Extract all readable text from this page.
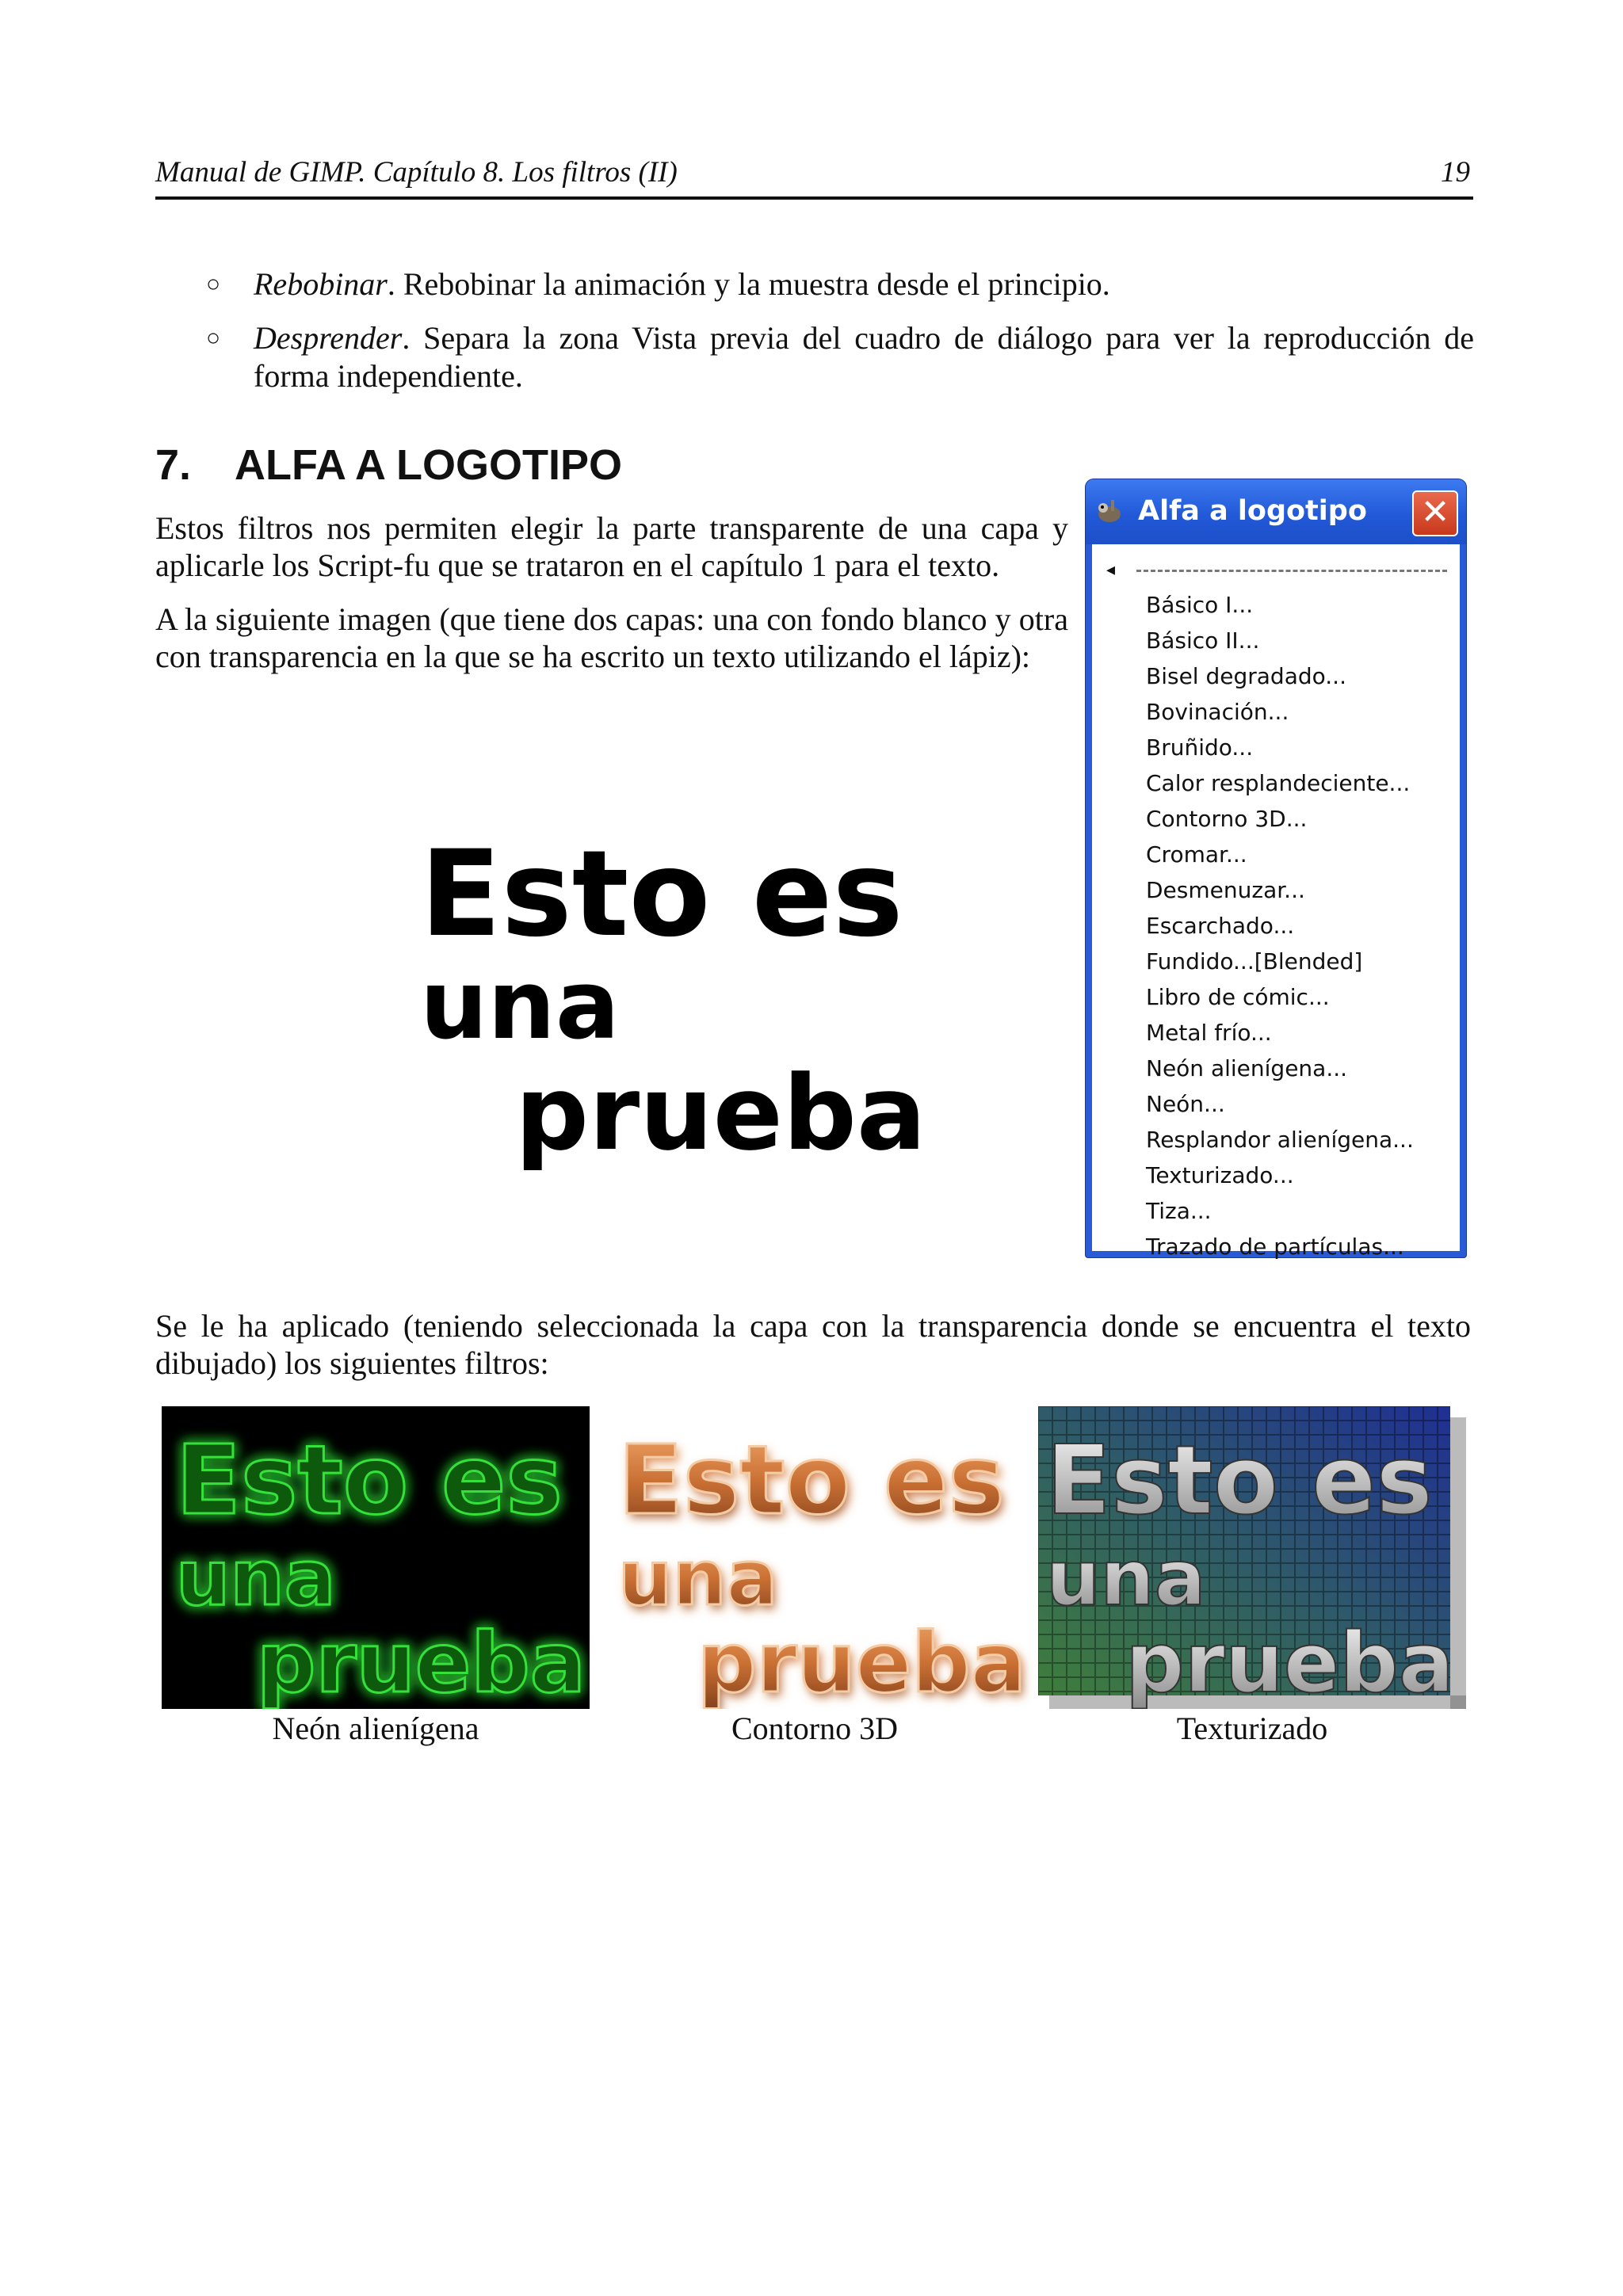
Manual de GIMP. Capítulo 8. Los filtros (II)	19
○ Rebobinar. Rebobinar la animación y la muestra desde el principio.
○ Desprender. Separa la zona Vista previa del cuadro de diálogo para ver la reproducción de forma independiente.
7. ALFA A LOGOTIPO
Estos filtros nos permiten elegir la parte transparente de una capa y aplicarle los Script-fu que se trataron en el capítulo 1 para el texto.
A la siguiente imagen (que tiene dos capas: una con fondo blanco y otra con transparencia en la que se ha escrito un texto utilizando el lápiz):
Esto es
una
prueba
Alfa a logotipo ✕
◂
Básico I...
Básico II...
Bisel degradado...
Bovinación...
Bruñido...
Calor resplandeciente...
Contorno 3D...
Cromar...
Desmenuzar...
Escarchado...
Fundido...[Blended]
Libro de cómic...
Metal frío...
Neón alienígena...
Neón...
Resplandor alienígena...
Texturizado...
Tiza...
Trazado de partículas...
Se le ha aplicado (teniendo seleccionada la capa con la transparencia donde se encuentra el texto dibujado) los siguientes filtros:
Esto es
una
prueba
Esto es
una
prueba
Esto es
una
prueba
Neón alienígena	Contorno 3D	Texturizado
